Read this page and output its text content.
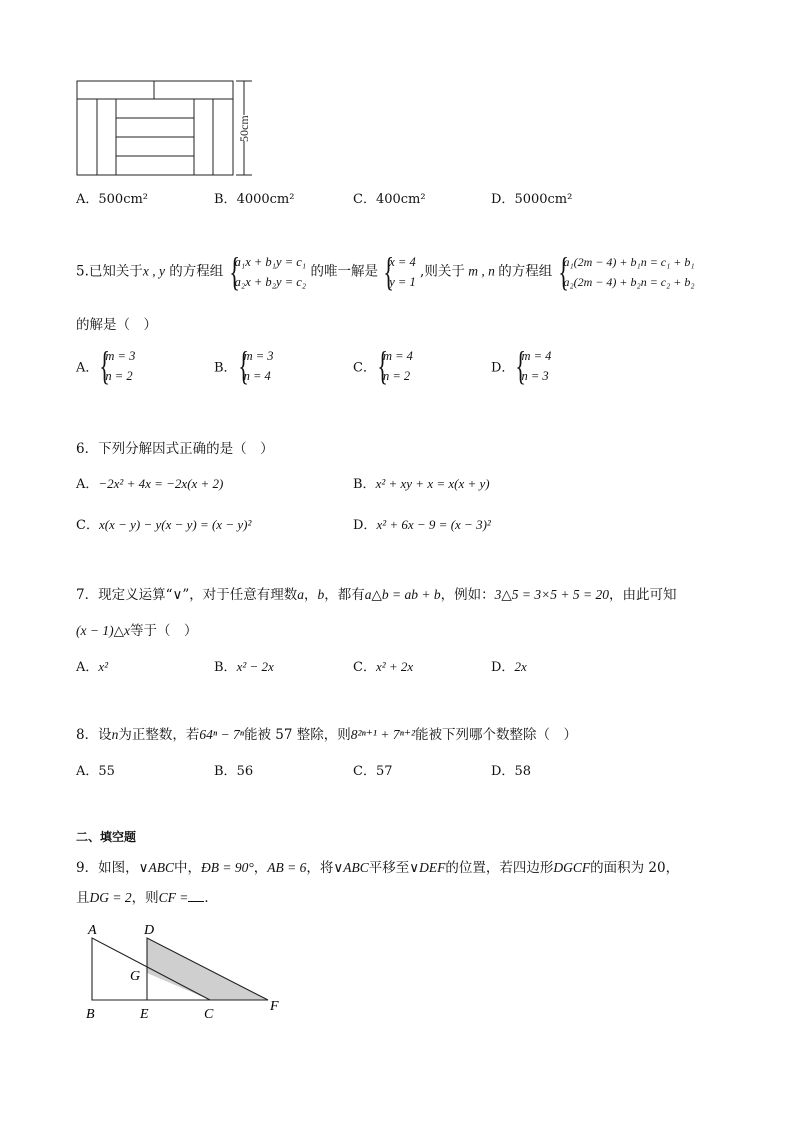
50cm
A．500cm²	B．4000cm²	C．400cm²	D．5000cm²
5.已知关于x , y 的方程组
{ a₁x + b₁y = c₁
a₂x + b₂y = c₂
的唯一解是
{ x = 4
y = 1
,则关于 m , n 的方程组
{ a₁(2m − 4) + b₁n = c₁ + b₁
a₂(2m − 4) + b₂n = c₂ + b₂
的解是（　）
A．
{ m = 3
n = 2
B．
{ m = 3
n = 4
C．
{ m = 4
n = 2
D．
{ m = 4
n = 3
6．下列分解因式正确的是（　）
A．−2x² + 4x = −2x(x + 2)	B．x² + xy + x = x(x + y)
C．x(x − y) − y(x − y) = (x − y)²	D．x² + 6x − 9 = (x − 3)²
7．现定义运算“∨”，对于任意有理数a，b，都有a△b = ab + b，例如：3△5 = 3×5 + 5 = 20，由此可知
(x − 1)△x等于（　）
A．x²	B．x² − 2x	C．x² + 2x	D．2x
8．设n为正整数，若64ⁿ − 7ⁿ能被 57 整除，则8²ⁿ⁺¹ + 7ⁿ⁺²能被下列哪个数整除（　）
A．55	B．56	C．57	D．58
二、填空题
9．如图，∨ABC中，ÐB = 90°，AB = 6，将∨ABC平移至∨DEF的位置，若四边形DGCF的面积为 20，
且DG = 2，则CF = ．
A	D
G
B	E	C
F
